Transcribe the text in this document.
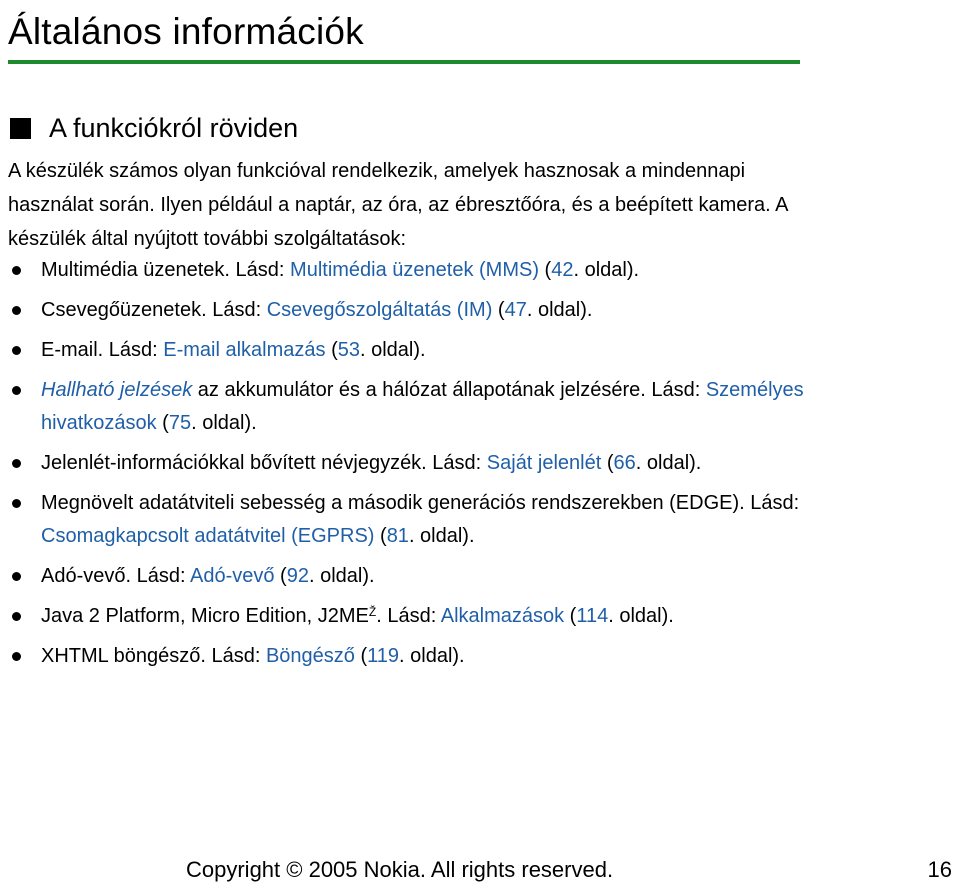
Általános információk
A funkciókról röviden

A készülék számos olyan funkcióval rendelkezik, amelyek hasznosak a mindennapi használat során. Ilyen például a naptár, az óra, az ébresztőóra, és a beépített kamera. A készülék által nyújtott további szolgáltatások:

Multimédia üzenetek. Lásd: Multimédia üzenetek (MMS) (42. oldal).
Csevegőüzenetek. Lásd: Csevegőszolgáltatás (IM) (47. oldal).
E-mail. Lásd: E-mail alkalmazás (53. oldal).
Hallható jelzések az akkumulátor és a hálózat állapotának jelzésére. Lásd: Személyes hivatkozások (75. oldal).
Jelenlét-információkkal bővített névjegyzék. Lásd: Saját jelenlét (66. oldal).
Megnövelt adatátviteli sebesség a második generációs rendszerekben (EDGE). Lásd: Csomagkapcsolt adatátvitel (EGPRS) (81. oldal).
Adó-vevő. Lásd: Adó-vevő (92. oldal).
Java 2 Platform, Micro Edition, $J2ME^Ž$. Lásd: Alkalmazások (114. oldal).
XHTML böngésző. Lásd: Böngésző (119. oldal).
Copyright © 2005 Nokia. All rights reserved.	16
